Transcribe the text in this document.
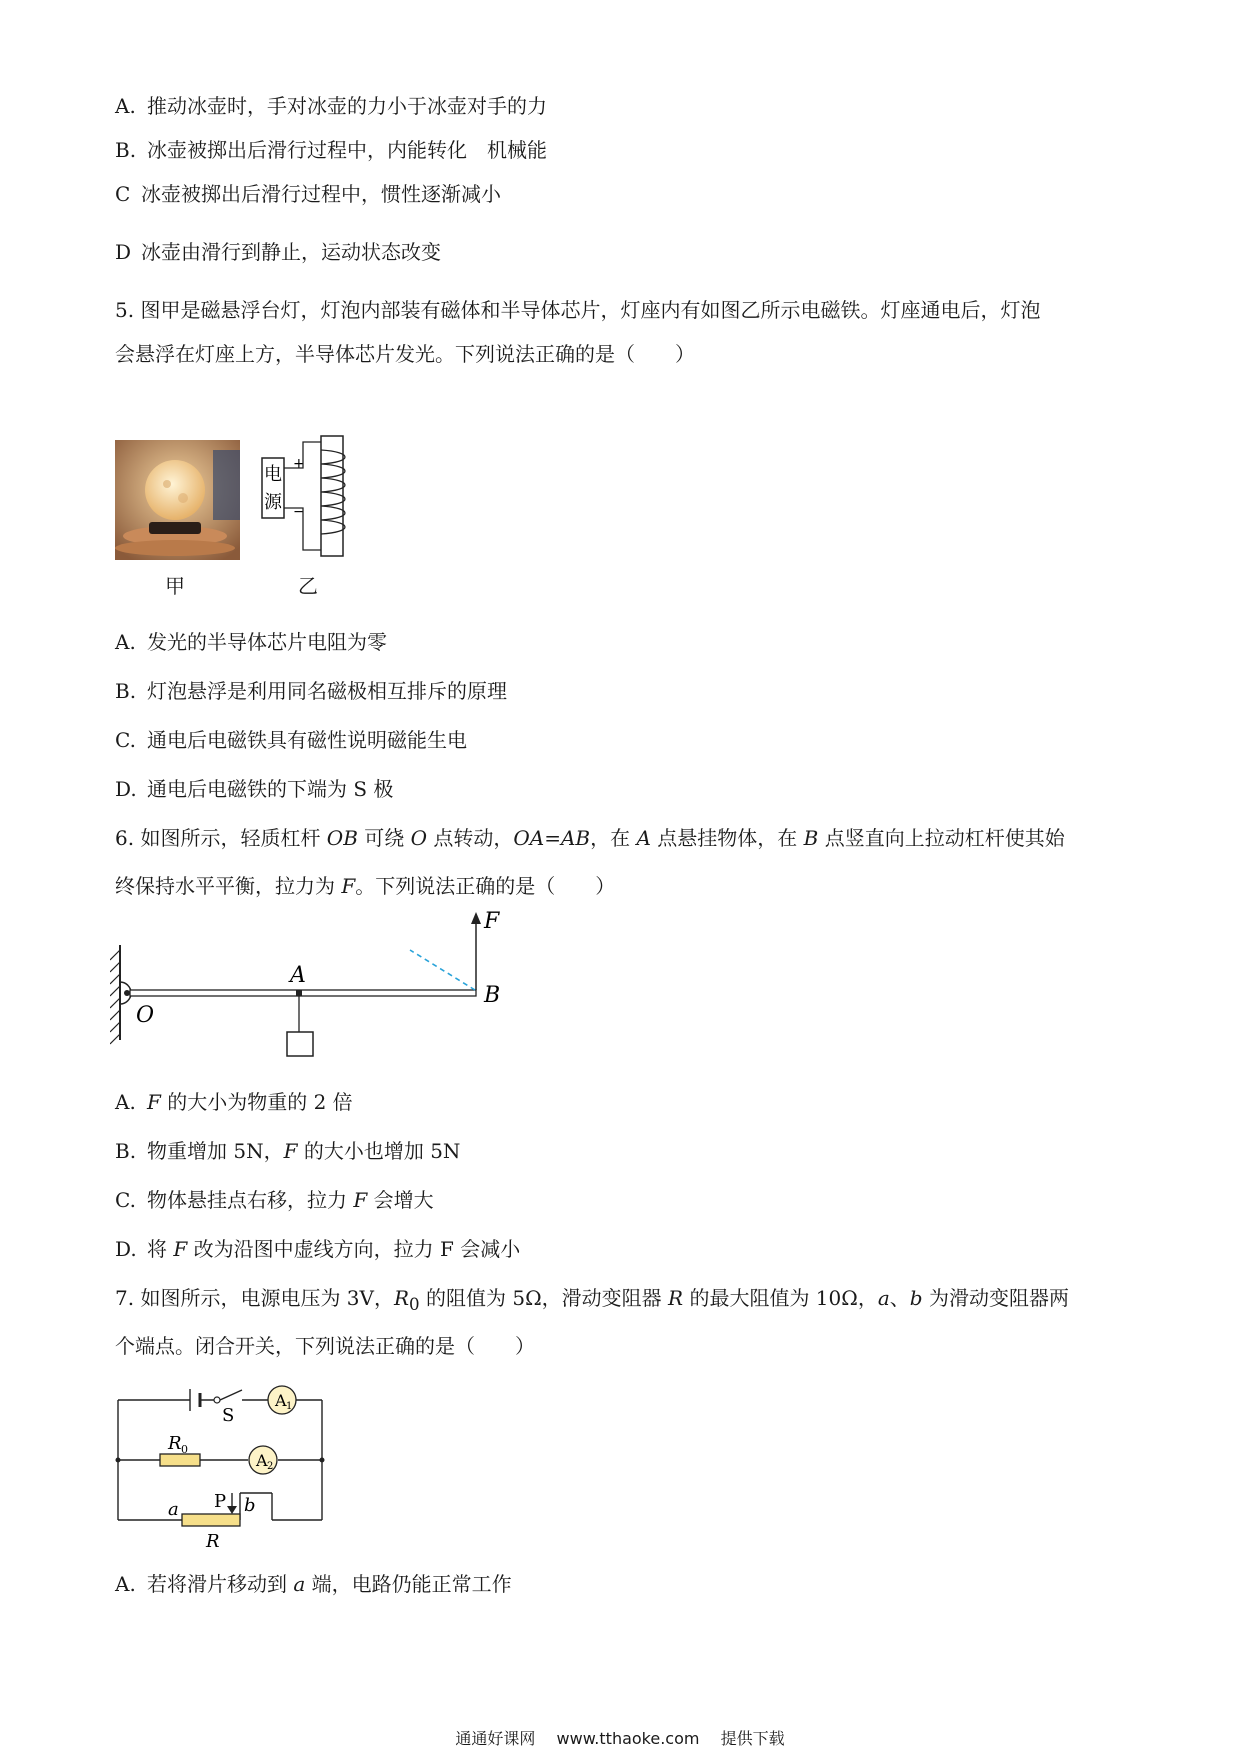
A. 推动冰壶时，手对冰壶的力小于冰壶对手的力
B. 冰壶被掷出后滑行过程中，内能转化　机械能
C 冰壶被掷出后滑行过程中，惯性逐渐减小
D 冰壶由滑行到静止，运动状态改变
5. 图甲是磁悬浮台灯，灯泡内部装有磁体和半导体芯片，灯座内有如图乙所示电磁铁。灯座通电后，灯泡
会悬浮在灯座上方，半导体芯片发光。下列说法正确的是（　　）
甲
电
源
+
−
乙
A. 发光的半导体芯片电阻为零
B. 灯泡悬浮是利用同名磁极相互排斥的原理
C. 通电后电磁铁具有磁性说明磁能生电
D. 通电后电磁铁的下端为 S 极
6. 如图所示，轻质杠杆 OB 可绕 O 点转动，OA=AB，在 A 点悬挂物体，在 B 点竖直向上拉动杠杆使其始
终保持水平平衡，拉力为 F。下列说法正确的是（　　）
F
A
B
O
A. F 的大小为物重的 2 倍
B. 物重增加 5N，F 的大小也增加 5N
C. 物体悬挂点右移，拉力 F 会增大
D. 将 F 改为沿图中虚线方向，拉力 F 会减小
7. 如图所示，电源电压为 3V，$R_0$ 的阻值为 5Ω，滑动变阻器 R 的最大阻值为 10Ω，a、b 为滑动变阻器两
个端点。闭合开关，下列说法正确的是（　　）
S
A 1
A 2
R 0
P
a	b
R
A. 若将滑片移动到 a 端，电路仍能正常工作
通通好课网 www.tthaoke.com 提供下载
